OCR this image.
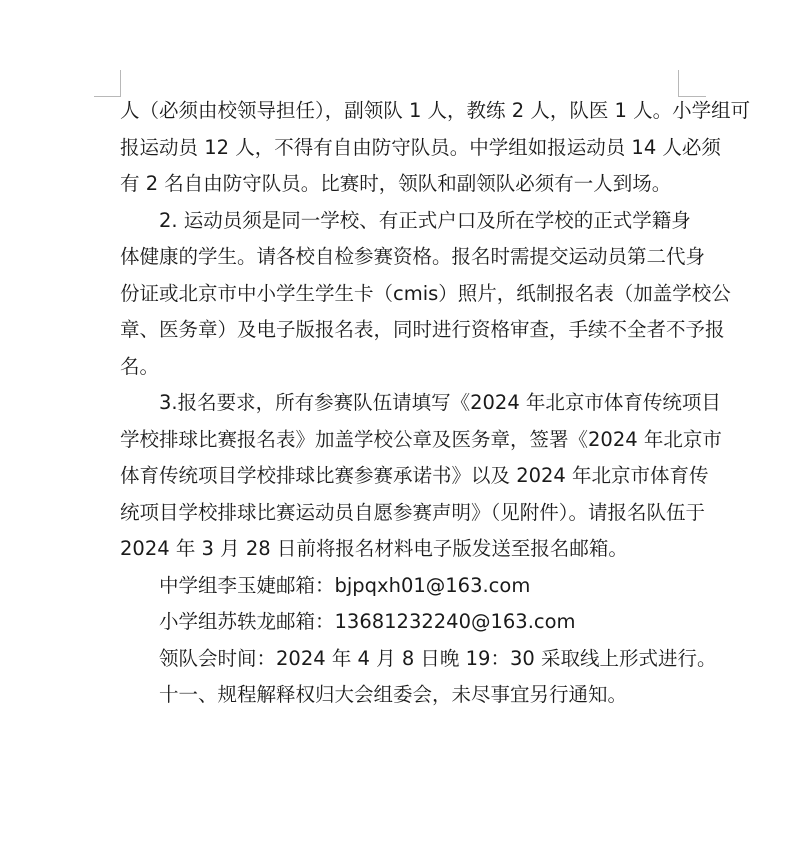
人（必须由校领导担任），副领队 1 人，教练 2 人，队医 1 人。小学组可
报运动员 12 人，不得有自由防守队员。中学组如报运动员 14 人必须
有 2 名自由防守队员。比赛时，领队和副领队必须有一人到场。
2. 运动员须是同一学校、有正式户口及所在学校的正式学籍身
体健康的学生。请各校自检参赛资格。报名时需提交运动员第二代身
份证或北京市中小学生学生卡（cmis）照片，纸制报名表（加盖学校公
章、医务章）及电子版报名表，同时进行资格审查，手续不全者不予报
名。
3.报名要求，所有参赛队伍请填写《2024 年北京市体育传统项目
学校排球比赛报名表》加盖学校公章及医务章，签署《2024 年北京市
体育传统项目学校排球比赛参赛承诺书》以及 2024 年北京市体育传
统项目学校排球比赛运动员自愿参赛声明》（见附件）。请报名队伍于
2024 年 3 月 28 日前将报名材料电子版发送至报名邮箱。
中学组李玉婕邮箱：bjpqxh01@163.com
小学组苏轶龙邮箱：13681232240@163.com
领队会时间：2024 年 4 月 8 日晚 19：30 采取线上形式进行。
十一、规程解释权归大会组委会，未尽事宜另行通知。
